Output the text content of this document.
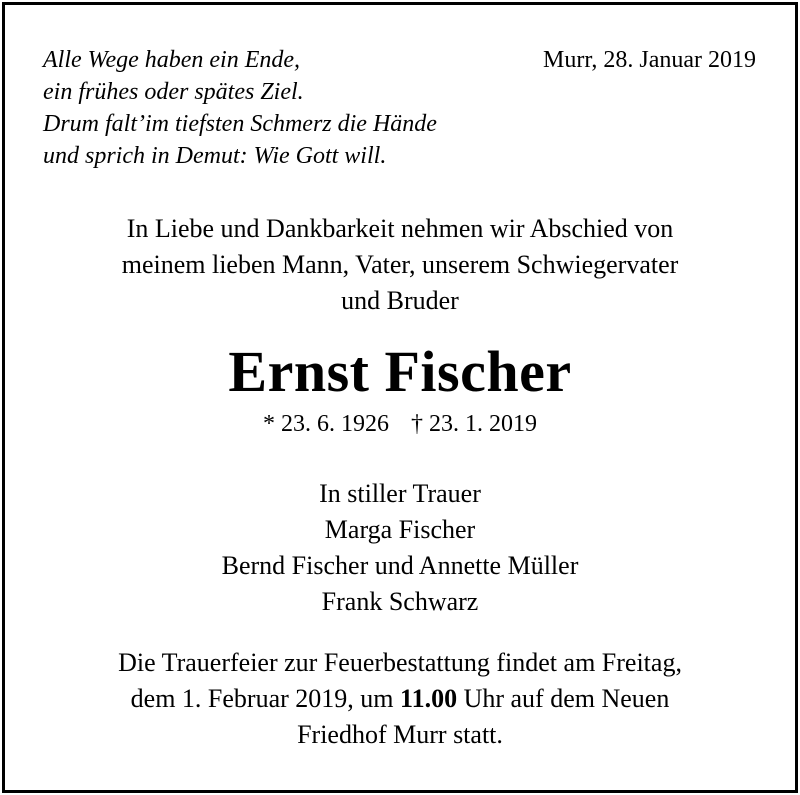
Alle Wege haben ein Ende,
ein frühes oder spätes Ziel.
Drum falt’im tiefsten Schmerz die Hände
und sprich in Demut: Wie Gott will.
Murr, 28. Januar 2019
In Liebe und Dankbarkeit nehmen wir Abschied von
meinem lieben Mann, Vater, unserem Schwiegervater
und Bruder
Ernst Fischer
* 23. 6. 1926 † 23. 1. 2019
In stiller Trauer
Marga Fischer
Bernd Fischer und Annette Müller
Frank Schwarz
Die Trauerfeier zur Feuerbestattung findet am Freitag,
dem 1. Februar 2019, um 11.00 Uhr auf dem Neuen
Friedhof Murr statt.
